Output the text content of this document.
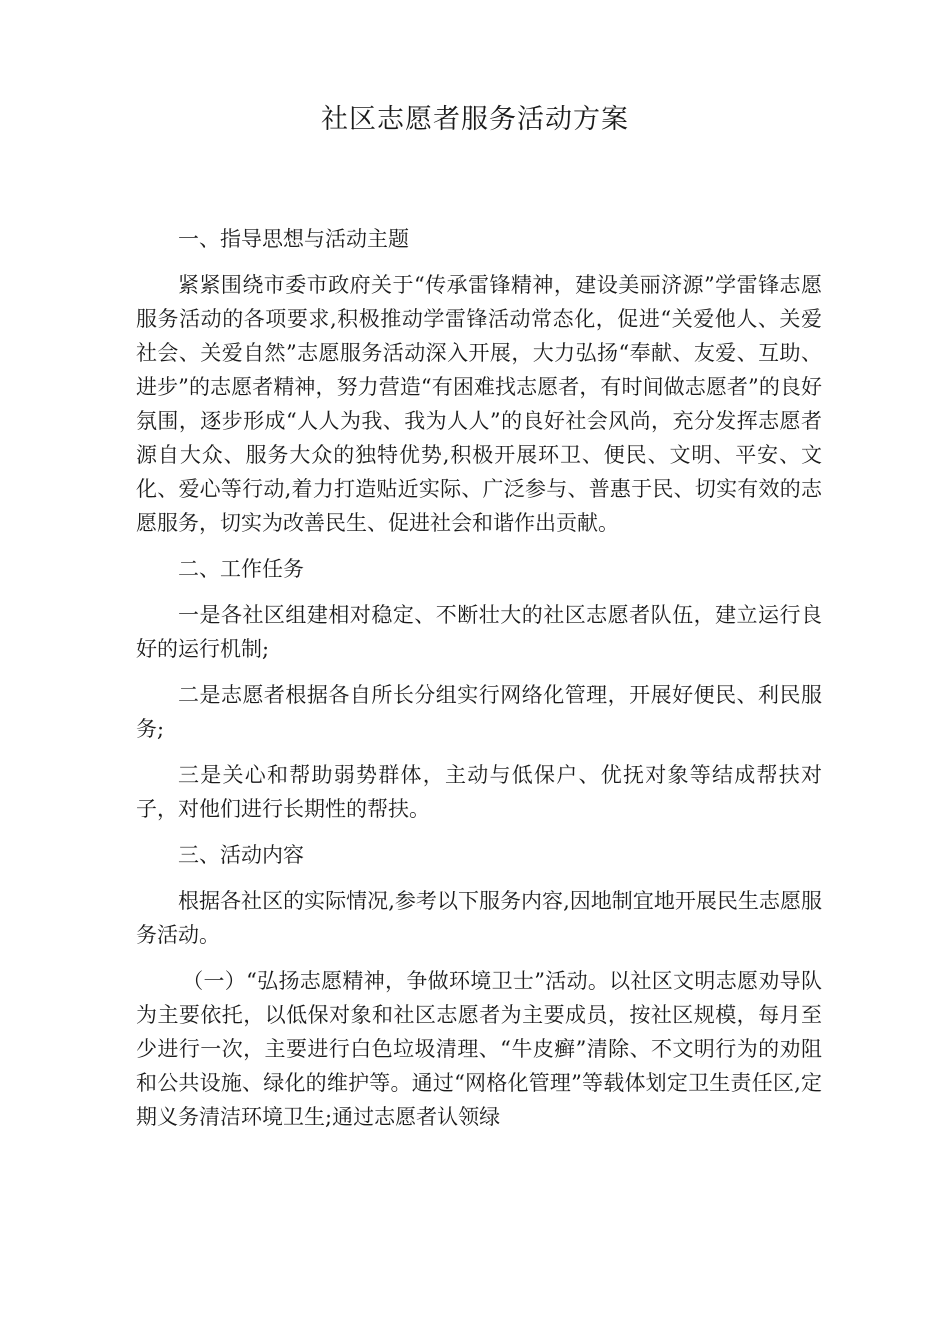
社区志愿者服务活动方案

一、指导思想与活动主题

紧紧围绕市委市政府关于“传承雷锋精神，建设美丽济源”学雷锋志愿服务活动的各项要求,积极推动学雷锋活动常态化，促进“关爱他人、关爱社会、关爱自然”志愿服务活动深入开展，大力弘扬“奉献、友爱、互助、进步”的志愿者精神，努力营造“有困难找志愿者，有时间做志愿者”的良好氛围，逐步形成“人人为我、我为人人”的良好社会风尚，充分发挥志愿者源自大众、服务大众的独特优势,积极开展环卫、便民、文明、平安、文化、爱心等行动,着力打造贴近实际、广泛参与、普惠于民、切实有效的志愿服务，切实为改善民生、促进社会和谐作出贡献。

二、工作任务

一是各社区组建相对稳定、不断壮大的社区志愿者队伍，建立运行良好的运行机制;

二是志愿者根据各自所长分组实行网络化管理，开展好便民、利民服务;

三是关心和帮助弱势群体，主动与低保户、优抚对象等结成帮扶对子，对他们进行长期性的帮扶。

三、活动内容

根据各社区的实际情况,参考以下服务内容,因地制宜地开展民生志愿服务活动。

（一）“弘扬志愿精神，争做环境卫士”活动。以社区文明志愿劝导队为主要依托，以低保对象和社区志愿者为主要成员，按社区规模，每月至少进行一次，主要进行白色垃圾清理、“牛皮癣”清除、不文明行为的劝阻和公共设施、绿化的维护等。通过“网格化管理”等载体划定卫生责任区,定期义务清洁环境卫生;通过志愿者认领绿
